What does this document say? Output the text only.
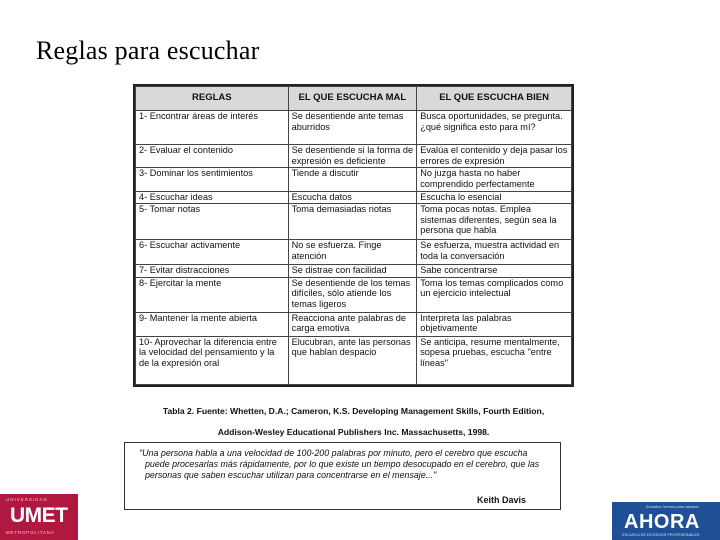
Reglas para escuchar
REGLAS	EL QUE ESCUCHA MAL	EL QUE ESCUCHA BIEN
1- Encontrar áreas de interés	Se desentiende ante temas aburridos	Busca oportunidades, se pregunta. ¿qué significa esto para mí?
2- Evaluar el contenido	Se desentiende si la forma de expresión es deficiente	Evalúa el contenido y deja pasar los errores de expresión
3- Dominar los sentimientos	Tiende a discutir	No juzga hasta no haber comprendido perfectamente
4- Escuchar ideas	Escucha datos	Escucha lo esencial
5- Tomar notas	Toma demasiadas notas	Toma pocas notas. Emplea sistemas diferentes, según sea la persona que habla
6- Escuchar activamente	No se esfuerza. Finge atención	Se esfuerza, muestra actividad en toda la conversación
7- Evitar distracciones	Se distrae con facilidad	Sabe concentrarse
8- Ejercitar la mente	Se desentiende de los temas difíciles, sólo atiende los temas ligeros	Toma los temas complicados como un ejercicio intelectual
9- Mantener la mente abierta	Reacciona ante palabras de carga emotiva	Interpreta las palabras objetivamente
10- Aprovechar la diferencia entre la velocidad del pensamiento y la de la expresión oral	Elucubran, ante las personas que hablan despacio	Se anticipa, resume mentalmente, sopesa pruebas, escucha "entre líneas"
Tabla 2. Fuente: Whetten, D.A.; Cameron, K.S. Developing Management Skills, Fourth Edition,
Addison-Wesley Educational Publishers Inc. Massachusetts, 1998.

"Una persona habla a una velocidad de 100-200 palabras por minuto, pero el cerebro que escucha puede procesarlas más rápidamente, por lo que existe un tiempo desocupado en el cerebro, que las personas que saben escuchar utilizan para concentrarse en el mensaje..."

Keith Davis
UNIVERSIDAD
UMET
METROPOLITANA
Estudios hechos para adultos
AHORA
ESCUELA DE ESTUDIOS PROFESIONALES
